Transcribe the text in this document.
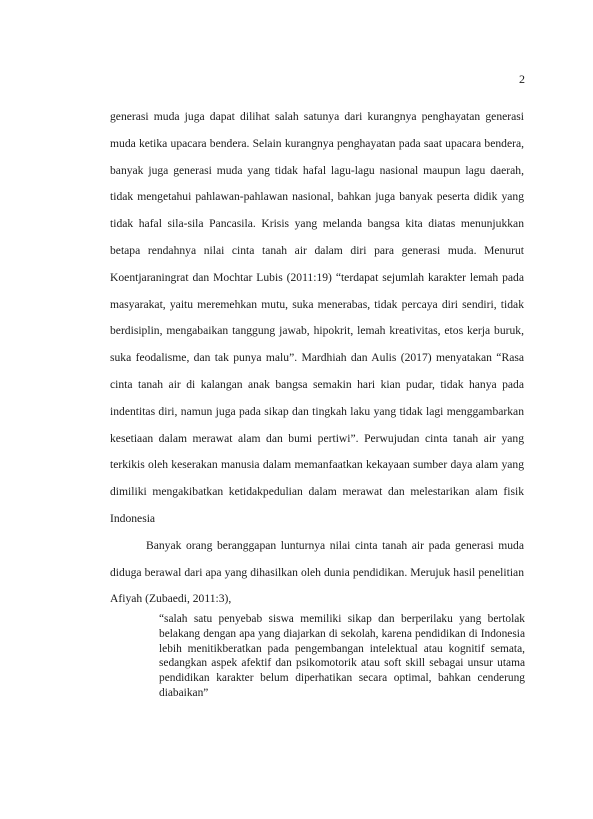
2

generasi muda juga dapat dilihat salah satunya dari kurangnya penghayatan generasi muda ketika upacara bendera. Selain kurangnya penghayatan pada saat upacara bendera, banyak juga generasi muda yang tidak hafal lagu-lagu nasional maupun lagu daerah, tidak mengetahui pahlawan-pahlawan nasional, bahkan juga banyak peserta didik yang tidak hafal sila-sila Pancasila. Krisis yang melanda bangsa kita diatas menunjukkan betapa rendahnya nilai cinta tanah air dalam diri para generasi muda. Menurut Koentjaraningrat dan Mochtar Lubis (2011:19) “terdapat sejumlah karakter lemah pada masyarakat, yaitu meremehkan mutu, suka menerabas, tidak percaya diri sendiri, tidak berdisiplin, mengabaikan tanggung jawab, hipokrit, lemah kreativitas, etos kerja buruk, suka feodalisme, dan tak punya malu”. Mardhiah dan Aulis (2017) menyatakan “Rasa cinta tanah air di kalangan anak bangsa semakin hari kian pudar, tidak hanya pada indentitas diri, namun juga pada sikap dan tingkah laku yang tidak lagi menggambarkan kesetiaan dalam merawat alam dan bumi pertiwi”. Perwujudan cinta tanah air yang terkikis oleh keserakan manusia dalam memanfaatkan kekayaan sumber daya alam yang dimiliki mengakibatkan ketidakpedulian dalam merawat dan melestarikan alam fisik Indonesia

Banyak orang beranggapan lunturnya nilai cinta tanah air pada generasi muda diduga berawal dari apa yang dihasilkan oleh dunia pendidikan. Merujuk hasil penelitian Afiyah (Zubaedi, 2011:3),

“salah satu penyebab siswa memiliki sikap dan berperilaku yang bertolak belakang dengan apa yang diajarkan di sekolah, karena pendidikan di Indonesia lebih menitikberatkan pada pengembangan intelektual atau kognitif semata, sedangkan aspek afektif dan psikomotorik atau soft skill sebagai unsur utama pendidikan karakter belum diperhatikan secara optimal, bahkan cenderung diabaikan”
